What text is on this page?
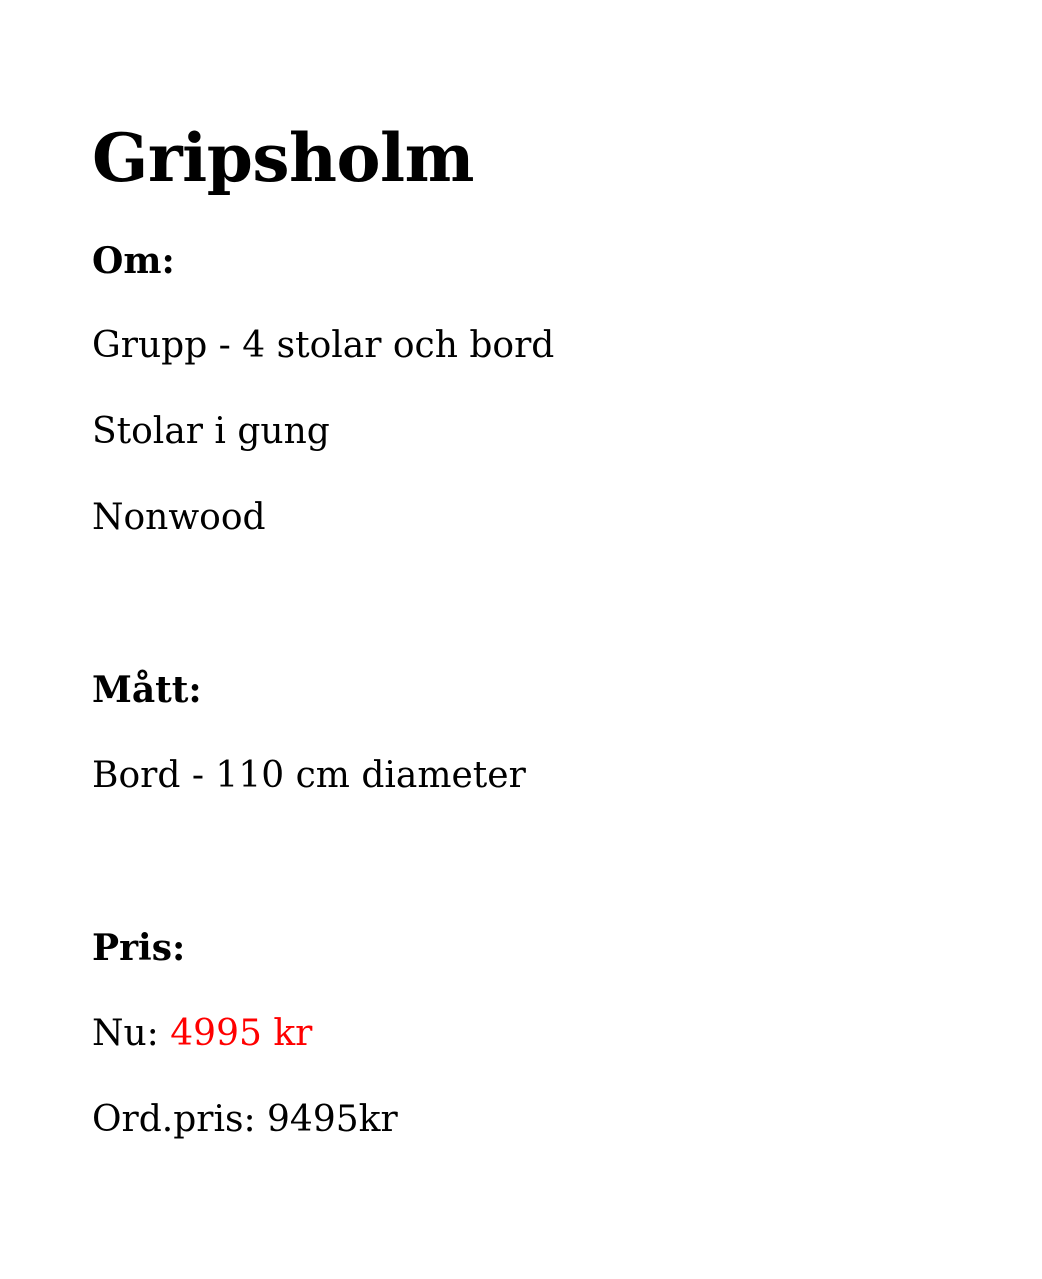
Gripsholm
Om:
Grupp - 4 stolar och bord
Stolar i gung
Nonwood
Mått:
Bord - 110 cm diameter
Pris:
Nu: 4995 kr
Ord.pris: 9495kr
